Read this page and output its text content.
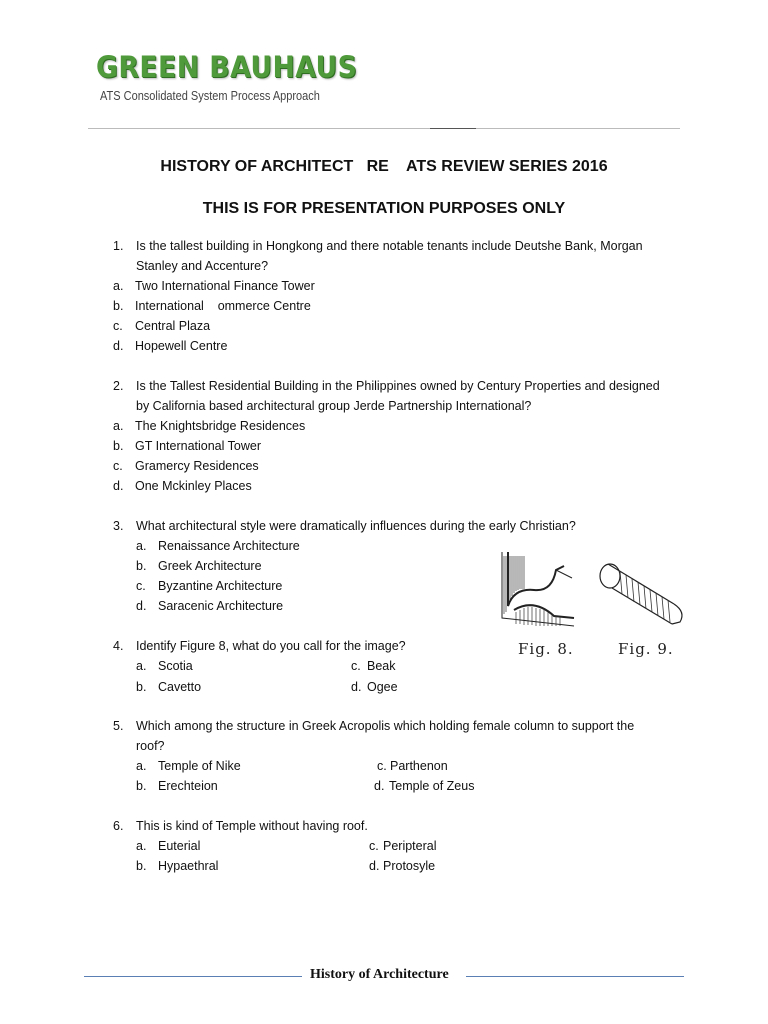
GREEN BAUHAUS
ATS Consolidated System Process Approach
HISTORY OF ARCHITECT   RE    ATS REVIEW SERIES 2016
THIS IS FOR PRESENTATION PURPOSES ONLY
1.	Is the tallest building in Hongkong and there notable tenants include Deutshe Bank, Morgan Stanley and Accenture?
a. Two International Finance Tower
b. International    ommerce Centre
c. Central Plaza
d. Hopewell Centre
2.	Is the Tallest Residential Building in the Philippines owned by Century Properties and designed by California based architectural group Jerde Partnership International?
a. The Knightsbridge Residences
b. GT International Tower
c. Gramercy Residences
d. One Mckinley Places
3.	What architectural style were dramatically influences during the early Christian?
a. Renaissance Architecture
b. Greek Architecture
c. Byzantine Architecture
d. Saracenic Architecture
Fig. 8.	Fig. 9.
4.	Identify Figure 8, what do you call for the image?
a. Scotia	c. Beak
b. Cavetto	d. Ogee
5.	Which among the structure in Greek Acropolis which holding female column to support the roof?
a. Temple of Nike	c. Parthenon
b. Erechteion	d. Temple of Zeus
6.	This is kind of Temple without having roof.
a. Euterial	c. Peripteral
b. Hypaethral	d. Protosyle
History of Architecture
